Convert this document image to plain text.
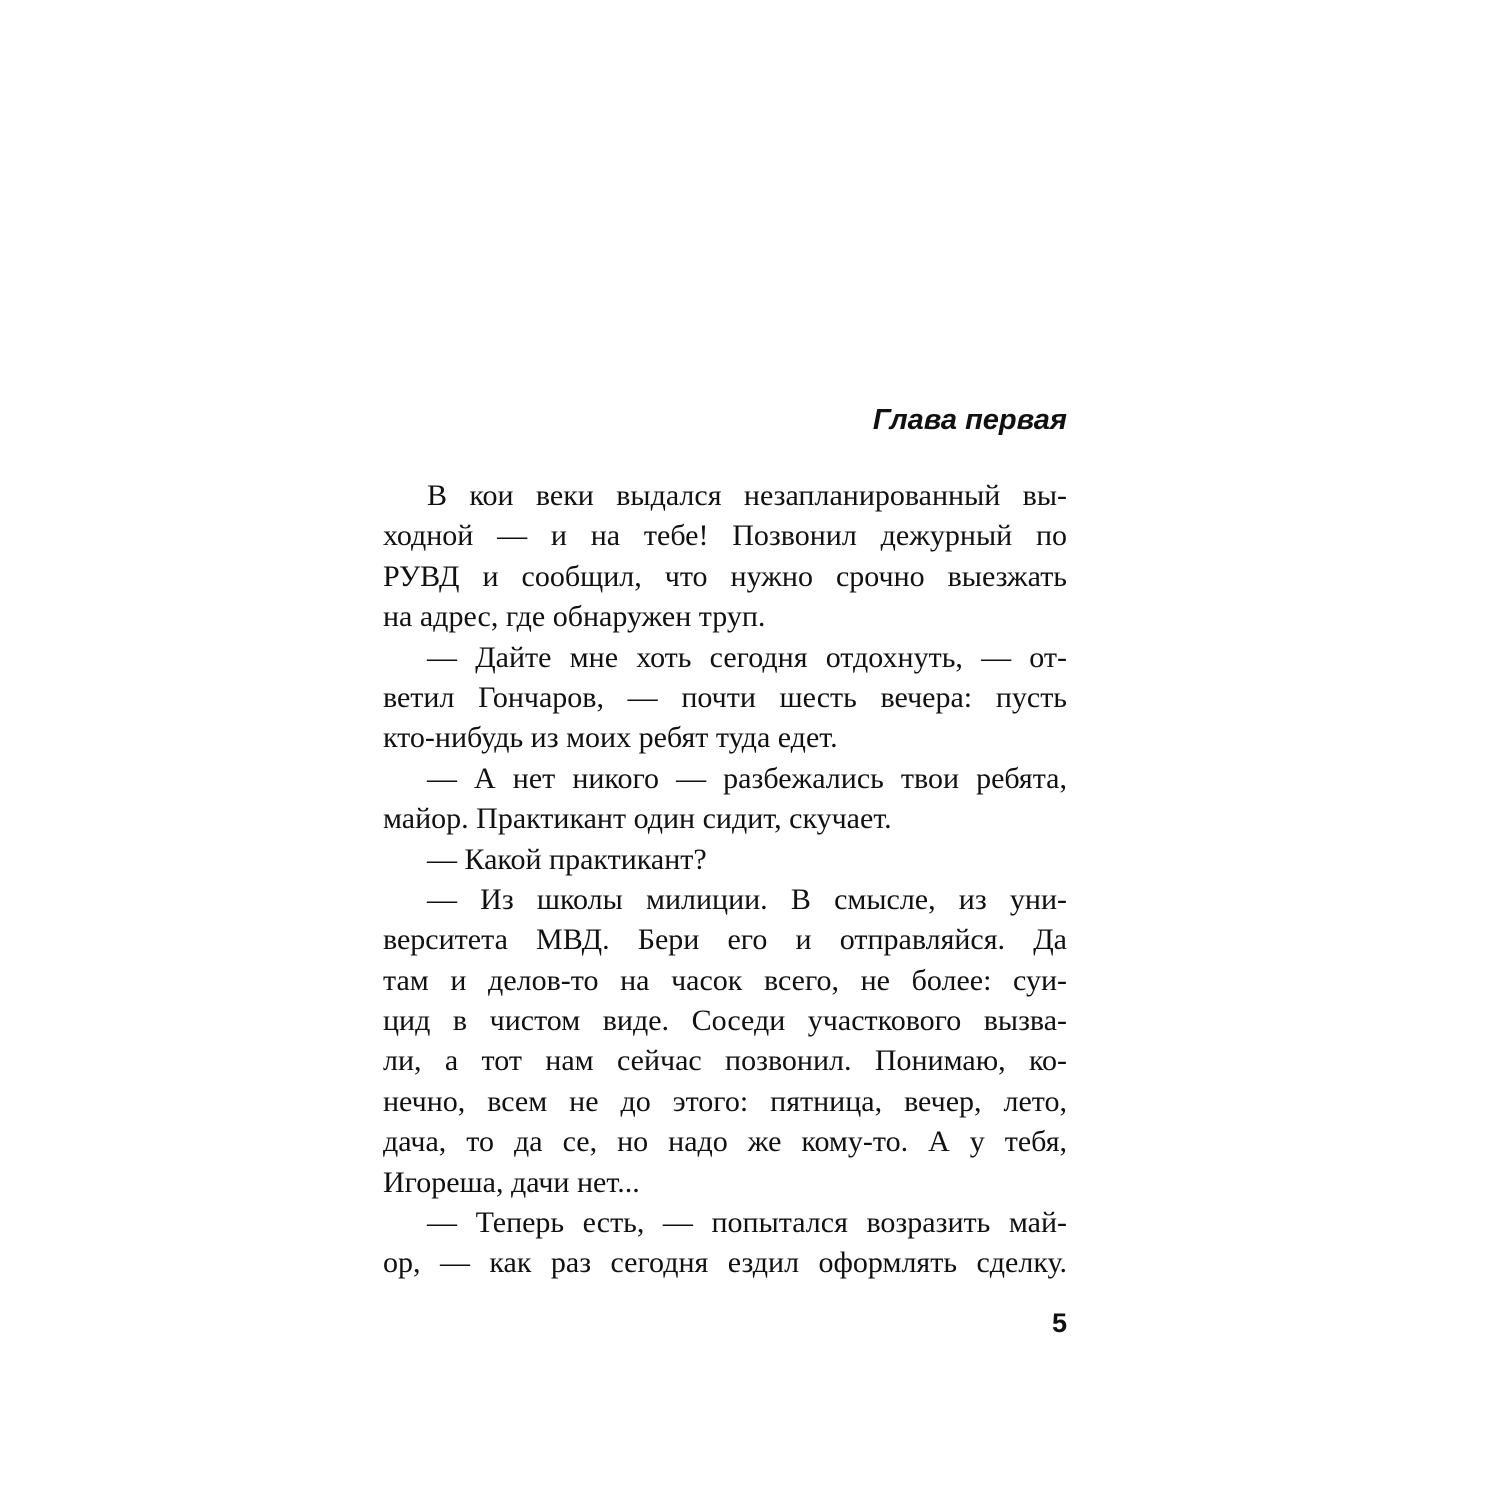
Глава первая
В кои веки выдался незапланированный вы-
ходной — и на тебе! Позвонил дежурный по
РУВД и сообщил, что нужно срочно выезжать
на адрес, где обнаружен труп.
— Дайте мне хоть сегодня отдохнуть, — от-
ветил Гончаров, — почти шесть вечера: пусть
кто-нибудь из моих ребят туда едет.
— А нет никого — разбежались твои ребята,
майор. Практикант один сидит, скучает.
— Какой практикант?
— Из школы милиции. В смысле, из уни-
верситета МВД. Бери его и отправляйся. Да
там и делов-то на часок всего, не более: суи-
цид в чистом виде. Соседи участкового вызва-
ли, а тот нам сейчас позвонил. Понимаю, ко-
нечно, всем не до этого: пятница, вечер, лето,
дача, то да се, но надо же кому-то. А у тебя,
Игореша, дачи нет...
— Теперь есть, — попытался возразить май-
ор, — как раз сегодня ездил оформлять сделку.
5
